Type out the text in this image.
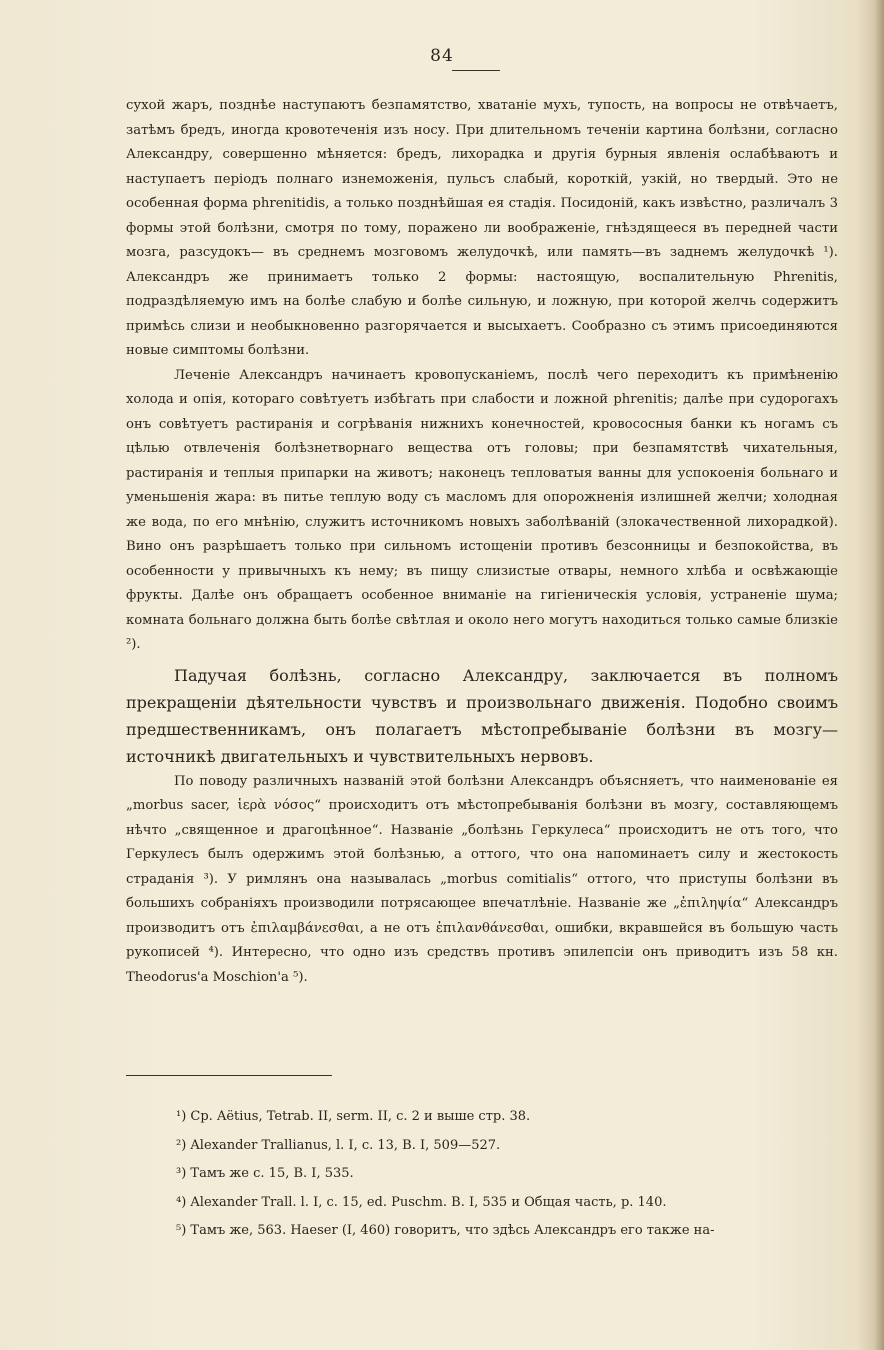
84

сухой жаръ, позднѣе наступаютъ безпамятство, хватаніе мухъ, тупость, на вопросы не отвѣчаетъ, затѣмъ бредъ, иногда кровотеченія изъ носу. При длительномъ теченіи картина болѣзни, согласно Александру, совершенно мѣняется: бредъ, лихорадка и другія бурныя явленія ослабѣваютъ и наступаетъ періодъ полнаго изнеможенія, пульсъ слабый, короткій, узкій, но твердый. Это не особенная форма phrenitidis, а только позднѣйшая ея стадія. Посидоній, какъ извѣстно, различалъ 3 формы этой болѣзни, смотря по тому, поражено ли воображеніе, гнѣздящееся въ передней части мозга, разсудокъ— въ среднемъ мозговомъ желудочкѣ, или память—въ заднемъ желудочкѣ ¹). Александръ же принимаетъ только 2 формы: настоящую, воспалительную Phrenitis, подраздѣляемую имъ на болѣе слабую и болѣе сильную, и ложную, при которой желчь содержитъ примѣсь слизи и необыкновенно разгорячается и высыхаетъ. Сообразно съ этимъ присоединяются новые симптомы болѣзни.

Леченіе Александръ начинаетъ кровопусканіемъ, послѣ чего переходитъ къ примѣненію холода и опія, котораго совѣтуетъ избѣгать при слабости и ложной phrenitis; далѣе при судорогахъ онъ совѣтуетъ растиранія и согрѣванія нижнихъ конечностей, кровососныя банки къ ногамъ съ цѣлью отвлеченія болѣзнетворнаго вещества отъ головы; при безпамятствѣ чихательныя, растиранія и теплыя припарки на животъ; наконецъ тепловатыя ванны для успокоенія больнаго и уменьшенія жара: въ питье теплую воду съ масломъ для опорожненія излишней желчи; холодная же вода, по его мнѣнію, служитъ источникомъ новыхъ заболѣваній (злокачественной лихорадкой). Вино онъ разрѣшаетъ только при сильномъ истощеніи противъ безсонницы и безпокойства, въ особенности у привычныхъ къ нему; въ пищу слизистые отвары, немного хлѣба и освѣжающіе фрукты. Далѣе онъ обращаетъ особенное вниманіе на гигіеническія условія, устраненіе шума; комната больнаго должна быть болѣе свѣтлая и около него могутъ находиться только самые близкіе ²).

Падучая болѣзнь, согласно Александру, заключается въ полномъ прекращеніи дѣятельности чувствъ и произвольнаго движенія. Подобно своимъ предшественникамъ, онъ полагаетъ мѣстопребываніе болѣзни въ мозгу—источникѣ двигательныхъ и чувствительныхъ нервовъ.

По поводу различныхъ названій этой болѣзни Александръ объясняетъ, что наименованіе ея „morbus sacer, ἱερὰ νόσος“ происходитъ отъ мѣстопребыванія болѣзни въ мозгу, составляющемъ нѣчто „священное и драгоцѣнное“. Названіе „болѣзнь Геркулеса“ происходитъ не отъ того, что Геркулесъ былъ одержимъ этой болѣзнью, а оттого, что она напоминаетъ силу и жестокость страданія ³). У римлянъ она называлась „morbus comitialis“ оттого, что приступы болѣзни въ большихъ собраніяхъ производили потрясающее впечатлѣніе. Названіе же „ἐπιληψία“ Александръ производитъ отъ ἐπιλαμβάνεσθαι, а не отъ ἐπιλανθάνεσθαι, ошибки, вкравшейся въ большую часть рукописей ⁴). Интересно, что одно изъ средствъ противъ эпилепсіи онъ приводитъ изъ 58 кн. Theodorus'a Moschion'a ⁵).

¹) Ср. Aëtius, Tetrab. II, serm. II, c. 2 и выше стр. 38.

²) Alexander Trallianus, l. I, c. 13, B. I, 509—527.

³) Тамъ же c. 15, B. I, 535.

⁴) Alexander Trall. l. I, c. 15, ed. Puschm. B. I, 535 и Общая часть, p. 140.

⁵) Тамъ же, 563. Haeser (I, 460) говоритъ, что здѣсь Александръ его также на-
